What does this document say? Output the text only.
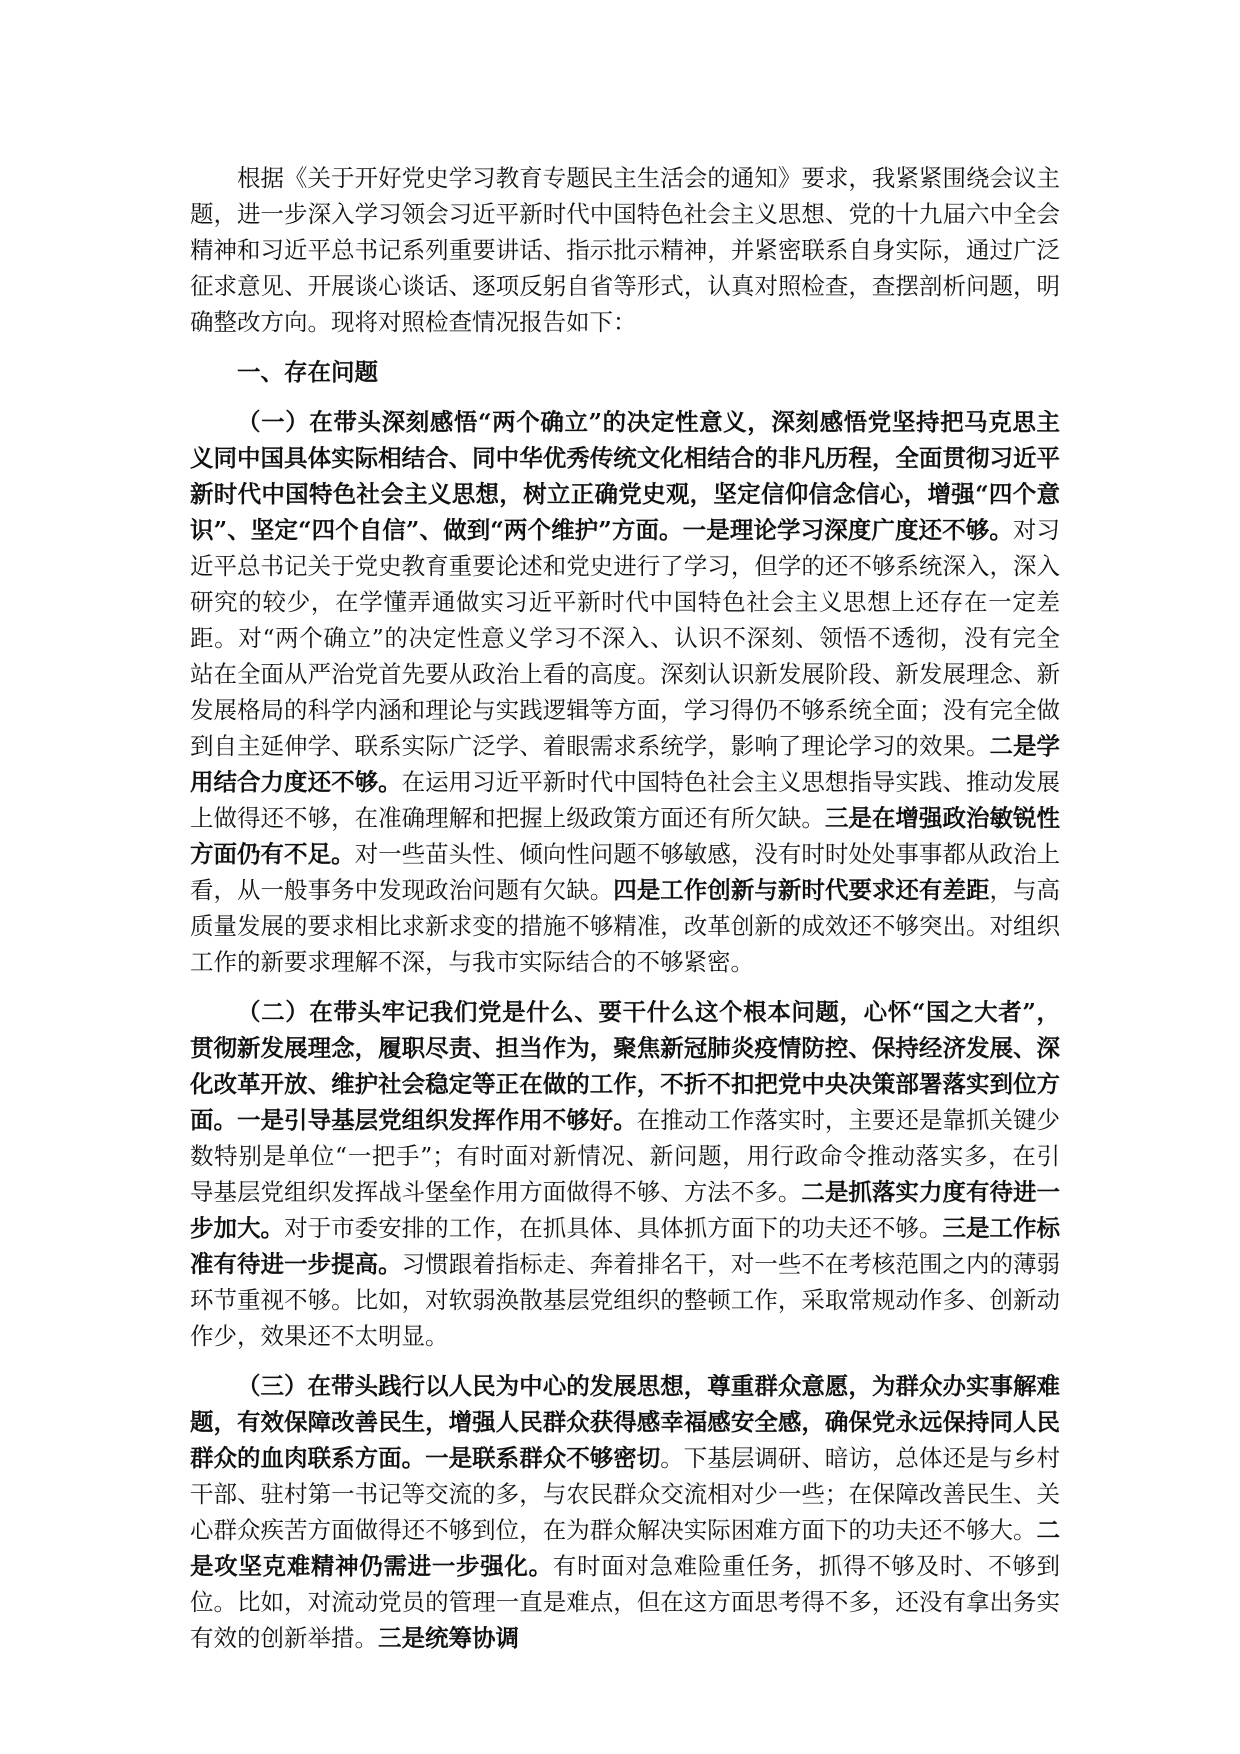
根据《关于开好党史学习教育专题民主生活会的通知》要求，我紧紧围绕会议主题，进一步深入学习领会习近平新时代中国特色社会主义思想、党的十九届六中全会精神和习近平总书记系列重要讲话、指示批示精神，并紧密联系自身实际，通过广泛征求意见、开展谈心谈话、逐项反躬自省等形式，认真对照检查，查摆剖析问题，明确整改方向。现将对照检查情况报告如下：

一、存在问题

（一）在带头深刻感悟“两个确立”的决定性意义，深刻感悟党坚持把马克思主义同中国具体实际相结合、同中华优秀传统文化相结合的非凡历程，全面贯彻习近平新时代中国特色社会主义思想，树立正确党史观，坚定信仰信念信心，增强“四个意识”、坚定“四个自信”、做到“两个维护”方面。一是理论学习深度广度还不够。对习近平总书记关于党史教育重要论述和党史进行了学习，但学的还不够系统深入，深入研究的较少，在学懂弄通做实习近平新时代中国特色社会主义思想上还存在一定差距。对“两个确立”的决定性意义学习不深入、认识不深刻、领悟不透彻，没有完全站在全面从严治党首先要从政治上看的高度。深刻认识新发展阶段、新发展理念、新发展格局的科学内涵和理论与实践逻辑等方面，学习得仍不够系统全面；没有完全做到自主延伸学、联系实际广泛学、着眼需求系统学，影响了理论学习的效果。二是学用结合力度还不够。在运用习近平新时代中国特色社会主义思想指导实践、推动发展上做得还不够，在准确理解和把握上级政策方面还有所欠缺。三是在增强政治敏锐性方面仍有不足。对一些苗头性、倾向性问题不够敏感，没有时时处处事事都从政治上看，从一般事务中发现政治问题有欠缺。四是工作创新与新时代要求还有差距，与高质量发展的要求相比求新求变的措施不够精准，改革创新的成效还不够突出。对组织工作的新要求理解不深，与我市实际结合的不够紧密。

（二）在带头牢记我们党是什么、要干什么这个根本问题，心怀“国之大者”，贯彻新发展理念，履职尽责、担当作为，聚焦新冠肺炎疫情防控、保持经济发展、深化改革开放、维护社会稳定等正在做的工作，不折不扣把党中央决策部署落实到位方面。一是引导基层党组织发挥作用不够好。在推动工作落实时，主要还是靠抓关键少数特别是单位“一把手”；有时面对新情况、新问题，用行政命令推动落实多，在引导基层党组织发挥战斗堡垒作用方面做得不够、方法不多。二是抓落实力度有待进一步加大。对于市委安排的工作，在抓具体、具体抓方面下的功夫还不够。三是工作标准有待进一步提高。习惯跟着指标走、奔着排名干，对一些不在考核范围之内的薄弱环节重视不够。比如，对软弱涣散基层党组织的整顿工作，采取常规动作多、创新动作少，效果还不太明显。

（三）在带头践行以人民为中心的发展思想，尊重群众意愿，为群众办实事解难题，有效保障改善民生，增强人民群众获得感幸福感安全感，确保党永远保持同人民群众的血肉联系方面。一是联系群众不够密切。下基层调研、暗访，总体还是与乡村干部、驻村第一书记等交流的多，与农民群众交流相对少一些；在保障改善民生、关心群众疾苦方面做得还不够到位，在为群众解决实际困难方面下的功夫还不够大。二是攻坚克难精神仍需进一步强化。有时面对急难险重任务，抓得不够及时、不够到位。比如，对流动党员的管理一直是难点，但在这方面思考得不多，还没有拿出务实有效的创新举措。三是统筹协调
